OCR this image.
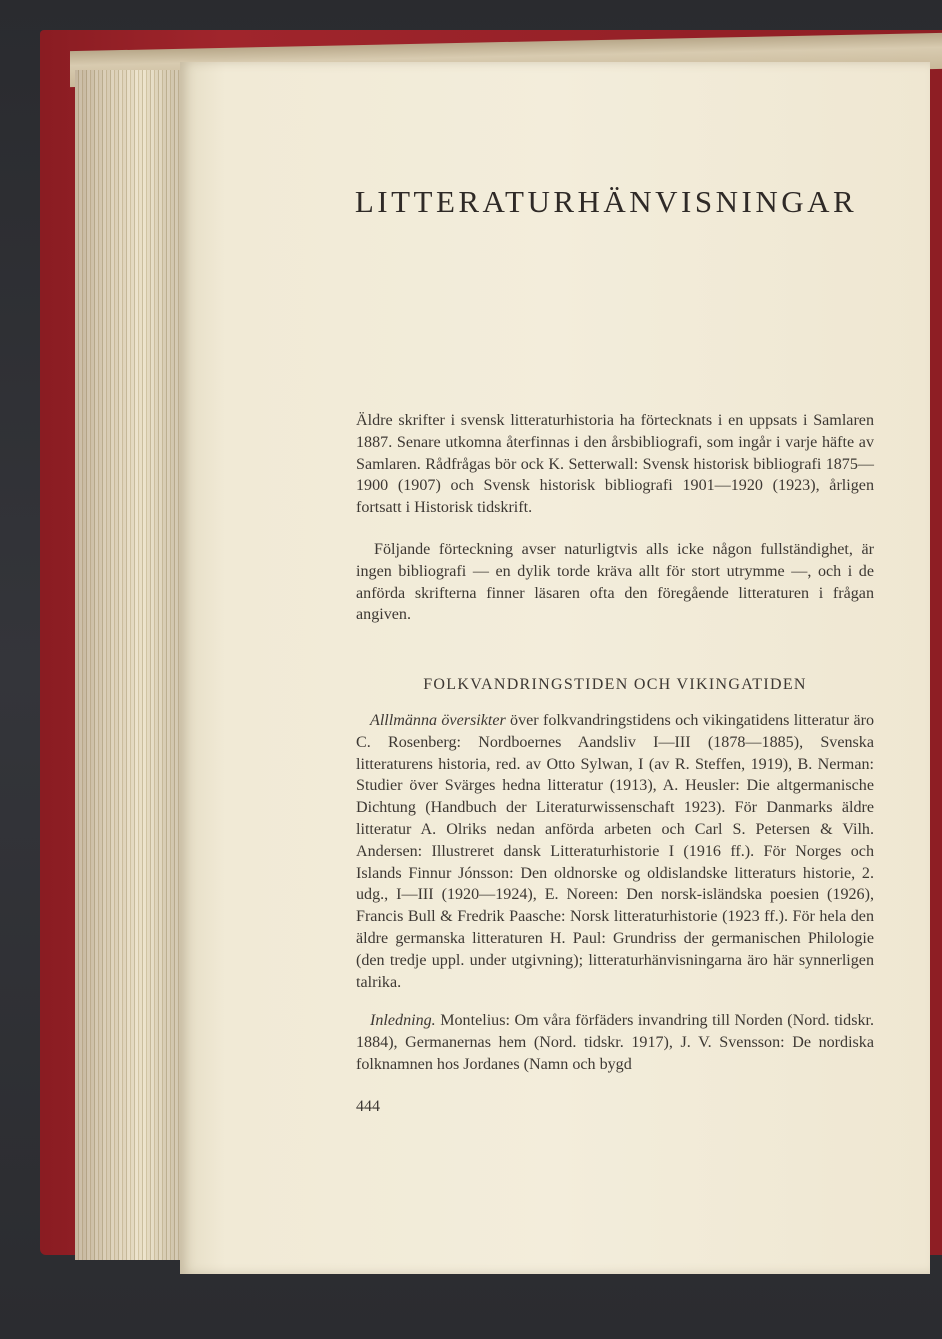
LITTERATURHÄNVISNINGAR

Äldre skrifter i svensk litteraturhistoria ha förtecknats i en uppsats i Samlaren 1887. Senare utkomna återfinnas i den årsbibliografi, som ingår i varje häfte av Samlaren. Rådfrågas bör ock K. Setterwall: Svensk historisk bibliografi 1875—1900 (1907) och Svensk historisk bibliografi 1901—1920 (1923), årligen fortsatt i Historisk tidskrift.

Följande förteckning avser naturligtvis alls icke någon fullständighet, är ingen bibliografi — en dylik torde kräva allt för stort utrymme —, och i de anförda skrifterna finner läsaren ofta den föregående litteraturen i frågan angiven.

FOLKVANDRINGSTIDEN OCH VIKINGATIDEN

Alllmänna översikter över folkvandringstidens och vikingatidens litteratur äro C. Rosenberg: Nordboernes Aandsliv I—III (1878—1885), Svenska litteraturens historia, red. av Otto Sylwan, I (av R. Steffen, 1919), B. Nerman: Studier över Svärges hedna litteratur (1913), A. Heusler: Die altgermanische Dichtung (Handbuch der Literaturwissenschaft 1923). För Danmarks äldre litteratur A. Olriks nedan anförda arbeten och Carl S. Petersen & Vilh. Andersen: Illustreret dansk Litteraturhistorie I (1916 ff.). För Norges och Islands Finnur Jónsson: Den oldnorske og oldislandske litteraturs historie, 2. udg., I—III (1920—1924), E. Noreen: Den norsk-isländska poesien (1926), Francis Bull & Fredrik Paasche: Norsk litteraturhistorie (1923 ff.). För hela den äldre germanska litteraturen H. Paul: Grundriss der germanischen Philologie (den tredje uppl. under utgivning); litteraturhänvisningarna äro här synnerligen talrika.

Inledning. Montelius: Om våra förfäders invandring till Norden (Nord. tidskr. 1884), Germanernas hem (Nord. tidskr. 1917), J. V. Svensson: De nordiska folknamnen hos Jordanes (Namn och bygd

444
